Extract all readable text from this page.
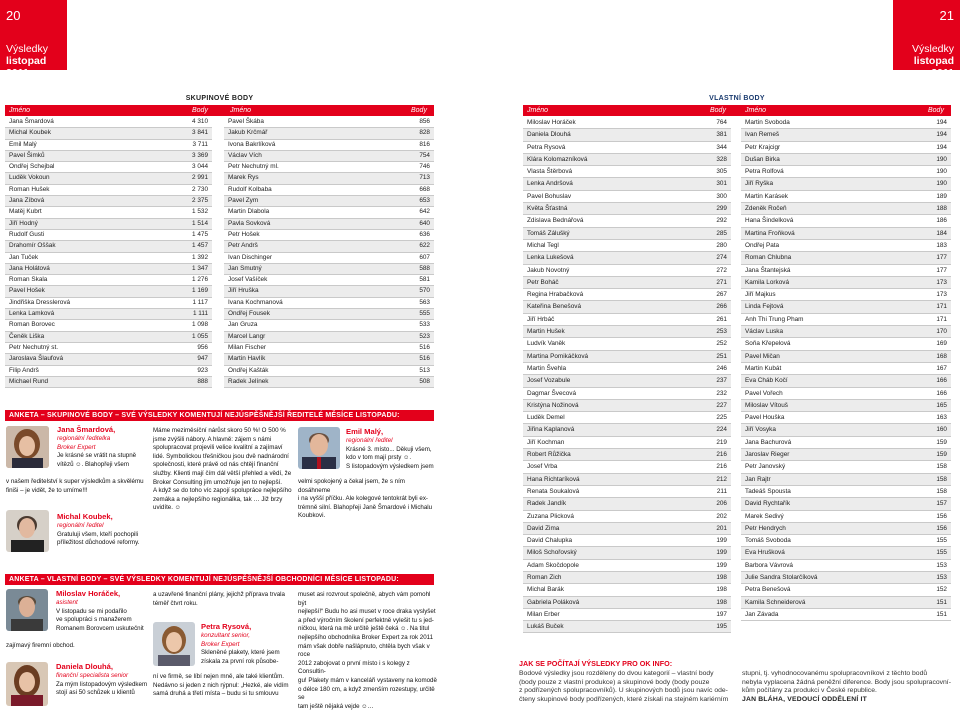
20
Výsledky
listopad 2011
21
Výsledky
listopad 2011
SKUPINOVÉ BODY	VLASTNÍ BODY
Jméno	Body	Jméno	Body
Jana Šmardová	4 310
Michal Koubek	3 841
Emil Malý	3 711
Pavel Šimků	3 369
Ondřej Schejbal	3 044
Luděk Vokoun	2 991
Roman Hušek	2 730
Jana Zíbová	2 375
Matěj Kubrt	1 532
Jiří Hodný	1 514
Rudolf Gusti	1 475
Drahomír Oššak	1 457
Jan Tuček	1 392
Jana Holátová	1 347
Roman Skala	1 276
Pavel Hošek	1 169
Jindřiška Dresslerová	1 117
Lenka Lamková	1 111
Roman Borovec	1 098
Čeněk Liška	1 055
Petr Nechutný st.	956
Jaroslava Šlaufová	947
Filip Andrš	923
Michael Rund	888
Pavel Škába	856
Jakub Krčmář	828
Ivona Bakrlíková	816
Václav Vích	754
Petr Nechutný ml.	746
Marek Rys	713
Rudolf Kolbaba	668
Pavel Zym	653
Martin Dlabola	642
Pavla Sovková	640
Petr Hošek	636
Petr Andrš	622
Ivan Dischinger	607
Jan Smutný	588
Josef Vašíček	581
Jiří Hruška	570
Ivana Kochmanová	563
Ondřej Fousek	555
Jan Gruza	533
Marcel Langr	523
Milan Fischer	516
Martin Havlík	516
Ondřej Kašták	513
Radek Jelínek	508
Jméno	Body	Jméno	Body
Miloslav Horáček	764
Daniela Dlouhá	381
Petra Rysová	344
Klára Kolomazníková	328
Vlasta Štěrbová	305
Lenka Andršová	301
Pavel Bohuslav	300
Květa Šťastná	299
Zdislava Bednářová	292
Tomáš Zálušký	285
Michal Tegl	280
Lenka Lukešová	274
Jakub Novotný	272
Petr Boháč	271
Regina Hrabačková	267
Kateřina Benešová	266
Jiří Hrbáč	261
Martin Hušek	253
Ludvík Vaněk	252
Martina Pomikáčková	251
Martin Švehla	246
Josef Vozabule	237
Dagmar Švecová	232
Kristýna Nožinová	227
Luděk Demel	225
Jiřina Kaplanová	224
Jiří Kochman	219
Robert Růžička	216
Josef Vrba	216
Hana Richtaríková	212
Renata Soukalová	211
Radek Jandík	206
Zuzana Plicková	202
David Zima	201
David Chalupka	199
Miloš Schořovský	199
Adam Skočdopole	199
Roman Zich	198
Michal Barák	198
Gabriela Poláková	198
Milan Erber	197
Lukáš Buček	195
Martin Svoboda	194
Ivan Remeš	194
Petr Krajcigr	194
Dušan Birka	190
Petra Rolfová	190
Jiří Ryška	190
Martin Karásek	189
Zdeněk Ročeň	188
Hana Šindelková	186
Martina Froňková	184
Ondřej Pata	183
Roman Chlubna	177
Jana Štantejská	177
Kamila Lorková	173
Jiří Majkus	173
Linda Fejtová	171
Anh Thi Trung Pham	171
Václav Luska	170
Soňa Křepelová	169
Pavel Mičan	168
Martin Kubát	167
Eva Cháb Kočí	166
Pavel Vořech	166
Miloslav Vítouš	165
Pavel Houška	163
Jiří Vosyka	160
Jana Bachurová	159
Jaroslav Rieger	159
Petr Janovský	158
Jan Rajtr	158
Tadeáš Spousta	158
David Rychtařík	157
Marek Sedivý	156
Petr Hendrych	156
Tomáš Svoboda	155
Eva Hrušková	155
Barbora Vávrová	153
Julie Sandra Stolarčíková	153
Petra Benešová	152
Kamila Schneiderová	151
Jan Závada	151
ANKETA – SKUPINOVÉ BODY – SVÉ VÝSLEDKY KOMENTUJÍ NEJÚSPĚŠNĚJŠÍ ŘEDITELÉ MĚSÍCE LISTOPADU:
Jana Šmardová,
regionální ředitelka
Broker Expert
Je krásné se vrátit na stupně
vítězů ☺. Blahopřeji všem
v našem ředitelství k super výsledkům a skvělému
finiši – je vidět, že to umíme!!!
Michal Koubek,
regionální ředitel
Gratuluji všem, kteří pochopili
příležitost důchodové reformy.
Máme meziměsíční nárůst skoro 50 %! O 500 %
jsme zvýšili nábory. A hlavně: zájem s námi
spolupracovat projevili velice kvalitní a zajímaví
lidé. Symbolickou třešničkou jsou dvě nadnárodní
společnosti, které právě od nás chtějí finanční
služby. Klienti mají čím dál větší přehled a vědí, že
Broker Consulting jim umožňuje jen to nejlepší.
A když se do toho víc zapojí spolupráce nejlepšího
zemáka a nejlepšího regionálka, tak … Již brzy
uvidíte. ☺
Emil Malý,
regionální ředitel
Krásné 3. místo... Děkuji všem,
kdo v tom mají prsty ☺.
S listopadovým výsledkem jsem
velmi spokojený a čekal jsem, že s ním dosáhneme
i na vyšší příčku. Ale kolegové tentokrát byli ex-
trémně silní. Blahopřeji Janě Šmardové i Michalu
Koubkovi.
ANKETA – VLASTNÍ BODY – SVÉ VÝSLEDKY KOMENTUJÍ NEJÚSPĚŠNĚJŠÍ OBCHODNÍCI MĚSÍCE LISTOPADU:
Miloslav Horáček,
asistent
V listopadu se mi podařilo
ve spolupráci s manažerem
Romanem Borovcem uskutečnit
zajímavý firemní obchod.
Daniela Dlouhá,
finanční specialista senior
Za mým listopadovým výsledkem
stojí asi 50 schůzek u klientů
a uzavřené finanční plány, jejichž příprava trvala
téměř čtvrt roku.
Petra Rysová,
konzultant senior,
Broker Expert
Skleněné plakety, které jsem
získala za první rok působe-
ní ve firmě, se líbí nejen mně, ale také klientům.
Nedávno si jeden z nich rýpnul: „Hezké, ale vidím
samá druhá a třetí místa – budu si tu smlouvu
muset asi rozvrout společně, abych vám pomohl být
nejlepší!“ Budu ho asi muset v roce draka vyslyšet
a před výročním školení perfektně vylešit tu s jed-
ničkou, která na mě určitě ještě čeká ☺. Na titul
nejlepšího obchodníka Broker Expert za rok 2011
mám však dobře našlápnuto, chtěla bych však v roce
2012 zabojovat o první místo i s kolegy z Consultin-
gu! Plakety mám v kanceláři vystaveny na komodě
o délce 180 cm, a když zmenším rozestupy, určitě se
tam ještě nějaká vejde ☺…
JAK SE POČÍTAJÍ VÝSLEDKY PRO OK INFO:
Bodové výsledky jsou rozděleny do dvou kategorií – vlastní body
(body pouze z vlastní produkce) a skupinové body (body pouze
z podřízených spolupracovníků). U skupinových bodů jsou navíc ode-
čteny skupinové body podřízených, které získali na stejném kariérním
stupni, tj. vyhodnocovanému spolupracovníkovi z těchto bodů
nebyla vyplacena žádná peněžní diference. Body jsou spolupracovní-
kům počítány za produkci v České republice.
JAN BLÁHA, VEDOUCÍ ODDĚLENÍ IT
